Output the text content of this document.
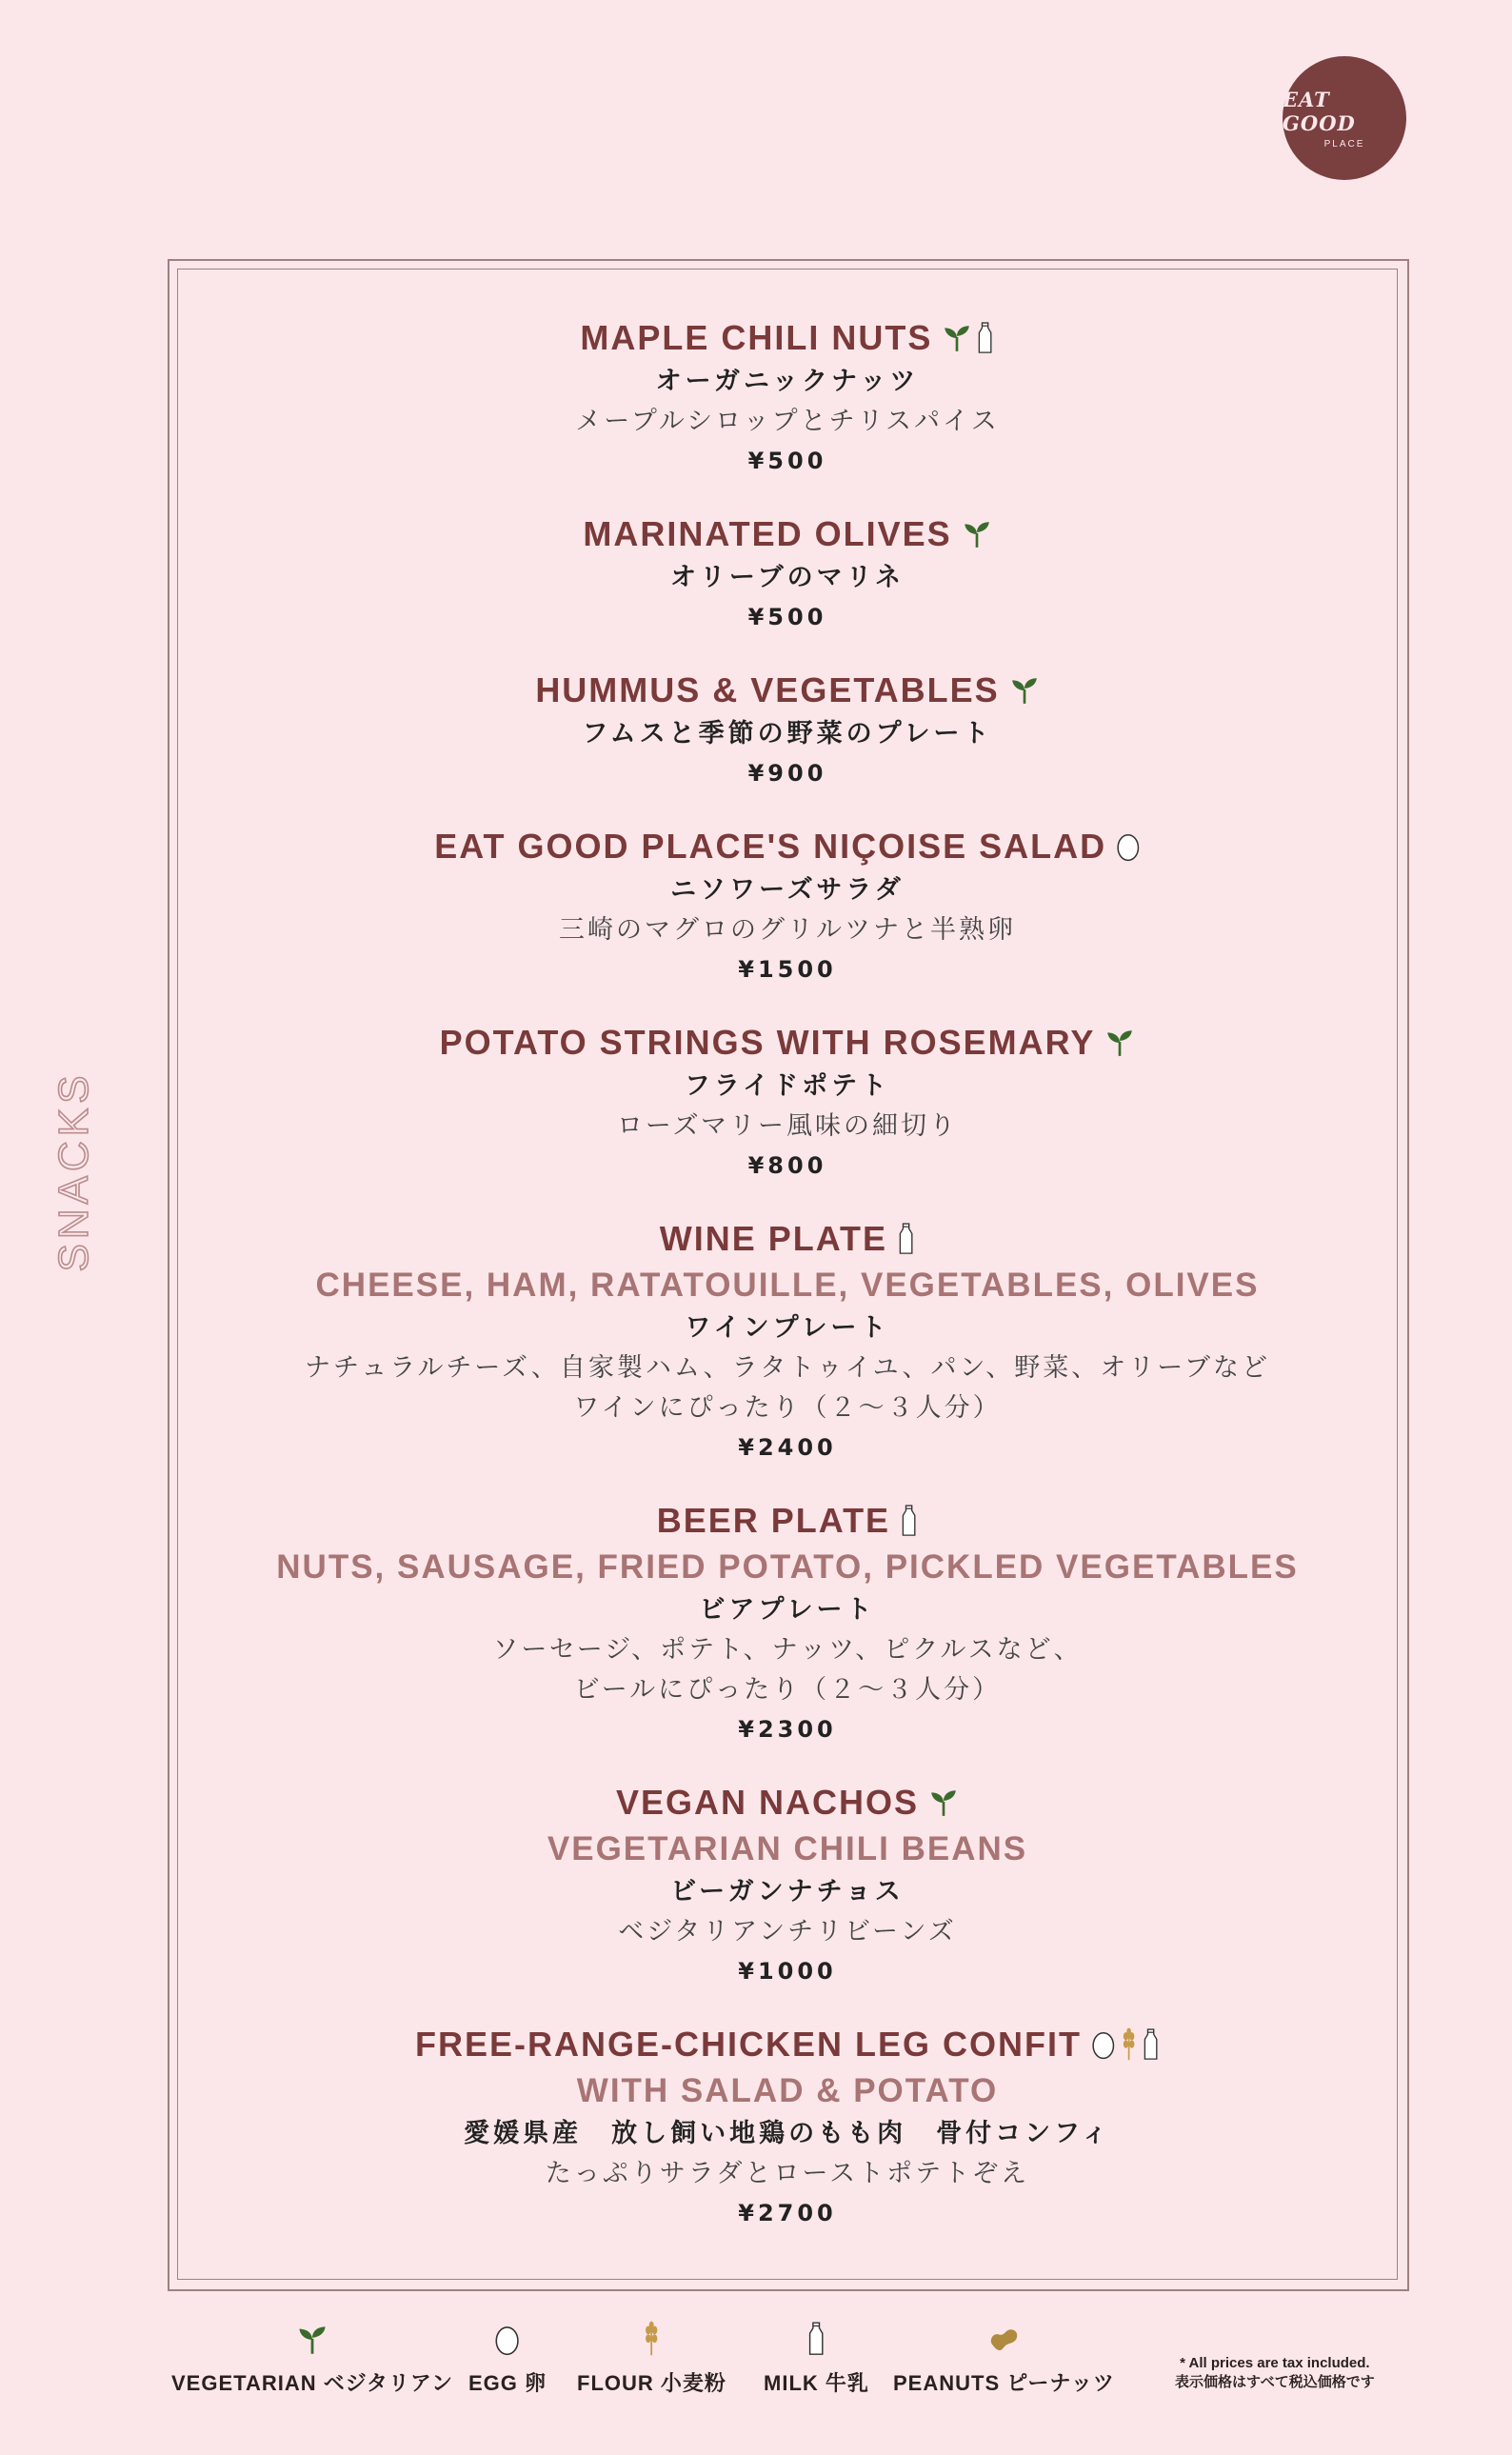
EAT GOOD
PLACE
SNACKS
MAPLE CHILI NUTS
オーガニックナッツ
メープルシロップとチリスパイス
¥500
MARINATED OLIVES
オリーブのマリネ
¥500
HUMMUS & VEGETABLES
フムスと季節の野菜のプレート
¥900
EAT GOOD PLACE'S NIÇOISE SALAD
ニソワーズサラダ
三崎のマグロのグリルツナと半熟卵
¥1500
POTATO STRINGS WITH ROSEMARY
フライドポテト
ローズマリー風味の細切り
¥800
WINE PLATE
CHEESE, HAM, RATATOUILLE, VEGETABLES, OLIVES
ワインプレート
ナチュラルチーズ、自家製ハム、ラタトゥイユ、パン、野菜、オリーブなど
ワインにぴったり（２～３人分）
¥2400
BEER PLATE
NUTS, SAUSAGE, FRIED POTATO, PICKLED VEGETABLES
ビアプレート
ソーセージ、ポテト、ナッツ、ピクルスなど、
ビールにぴったり（２～３人分）
¥2300
VEGAN NACHOS
VEGETARIAN CHILI BEANS
ビーガンナチョス
ベジタリアンチリビーンズ
¥1000
FREE-RANGE-CHICKEN LEG CONFIT
WITH SALAD & POTATO
愛媛県産　放し飼い地鶏のもも肉　骨付コンフィ
たっぷりサラダとローストポテトぞえ
¥2700
VEGETARIAN ベジタリアン EGG 卵 FLOUR 小麦粉 MILK 牛乳 PEANUTS ピーナッツ
* All prices are tax included.
表示価格はすべて税込価格です
